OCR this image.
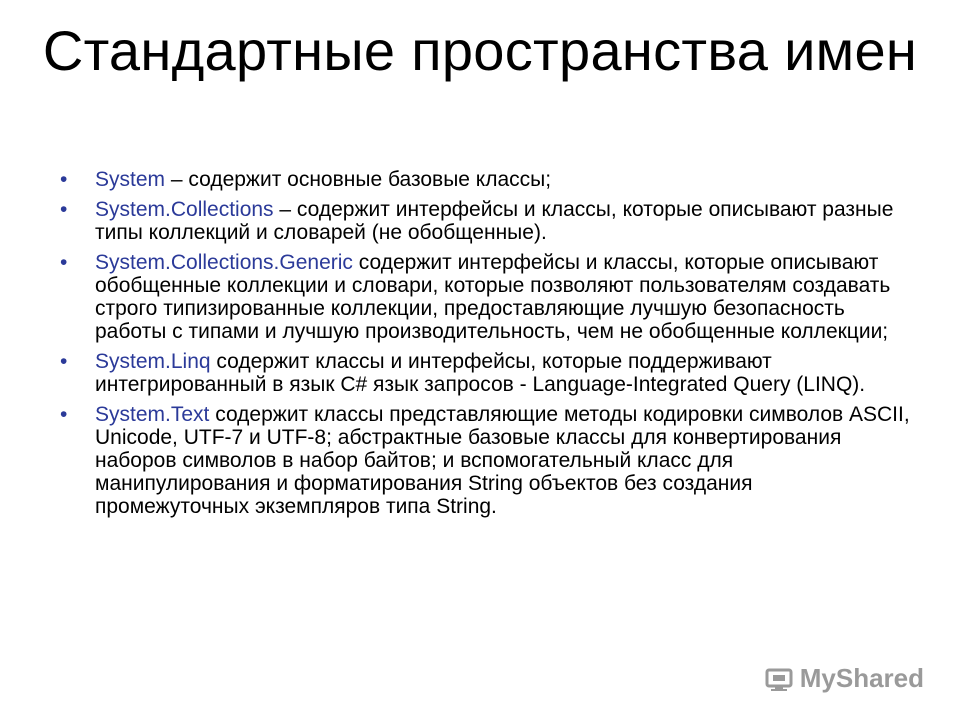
Стандартные пространства имен
• System – содержит основные базовые классы;
• System.Collections – содержит интерфейсы и классы, которые описывают разные типы коллекций и словарей (не обобщенные).
• System.Collections.Generic содержит интерфейсы и классы, которые описывают обобщенные коллекции и словари, которые позволяют пользователям создавать строго типизированные коллекции, предоставляющие лучшую безопасность работы с типами и лучшую производительность, чем не обобщенные коллекции;
• System.Linq содержит классы и интерфейсы, которые поддерживают интегрированный в язык C# язык запросов - Language-Integrated Query (LINQ).
• System.Text содержит классы представляющие методы кодировки символов ASCII, Unicode, UTF-7 и UTF-8; абстрактные базовые классы для конвертирования наборов символов в набор байтов; и вспомогательный класс для манипулирования и форматирования String объектов без создания промежуточных экземпляров типа String.
MyShared
